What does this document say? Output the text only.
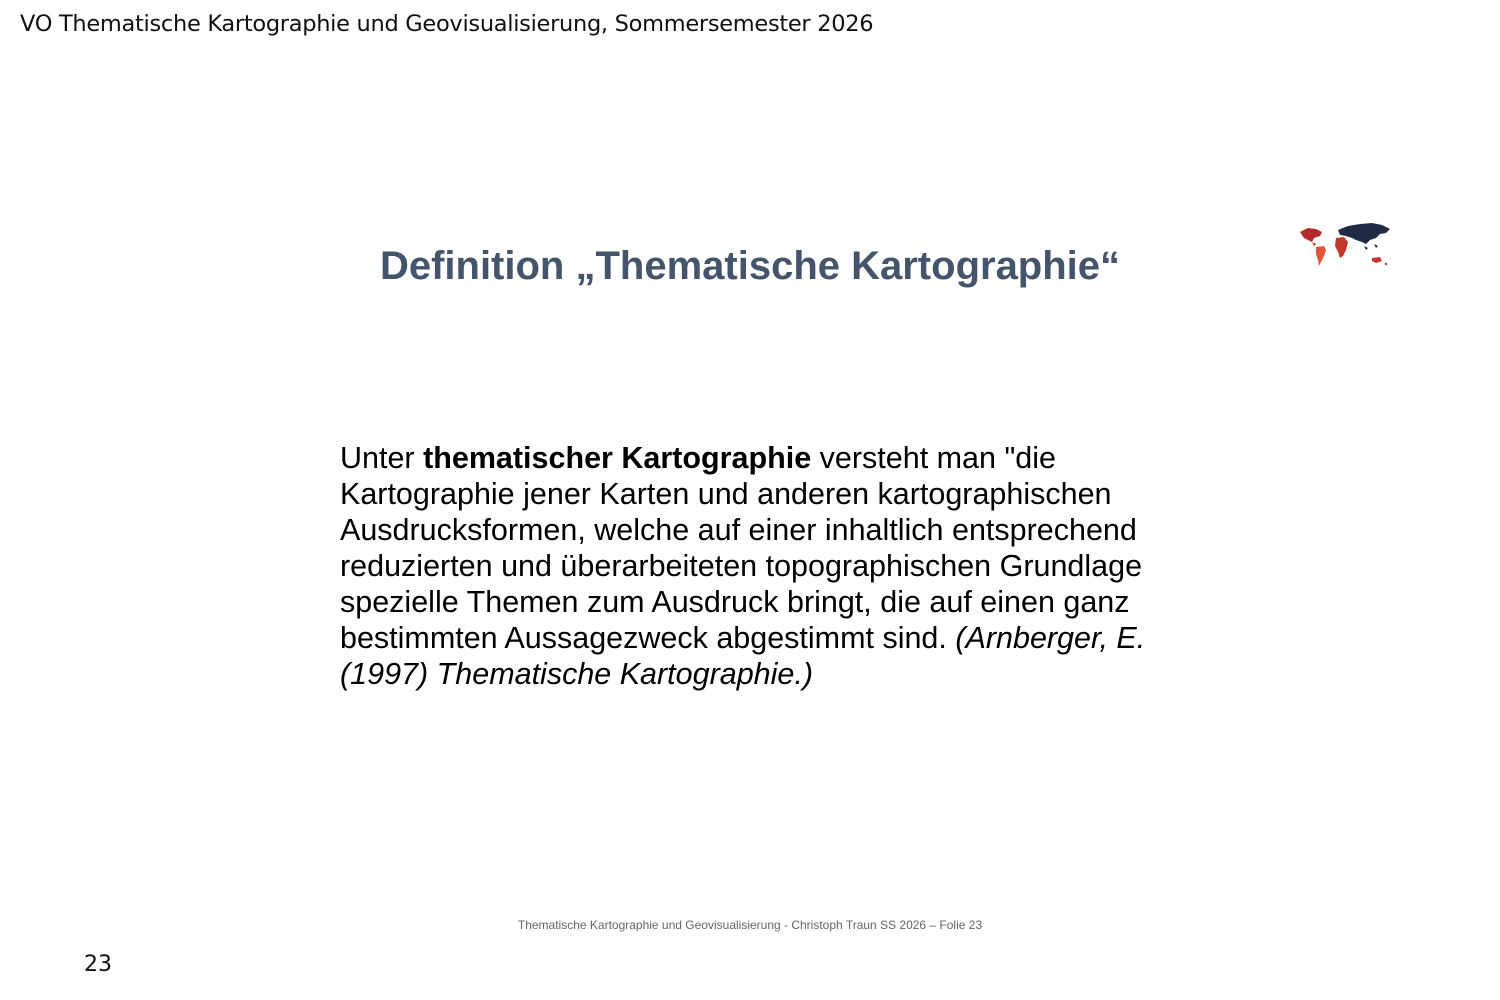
VO Thematische Kartographie und Geovisualisierung, Sommersemester 2026
Definition „Thematische Kartographie“
Unter thematischer Kartographie versteht man "die Kartographie jener Karten und anderen kartographischen Ausdrucksformen, welche auf einer inhaltlich entsprechend reduzierten und überarbeiteten topographischen Grundlage spezielle Themen zum Ausdruck bringt, die auf einen ganz bestimmten Aussagezweck abgestimmt sind. (Arnberger, E. (1997) Thematische Kartographie.)
Thematische Kartographie und Geovisualisierung - Christoph Traun SS 2026 – Folie 23
23
